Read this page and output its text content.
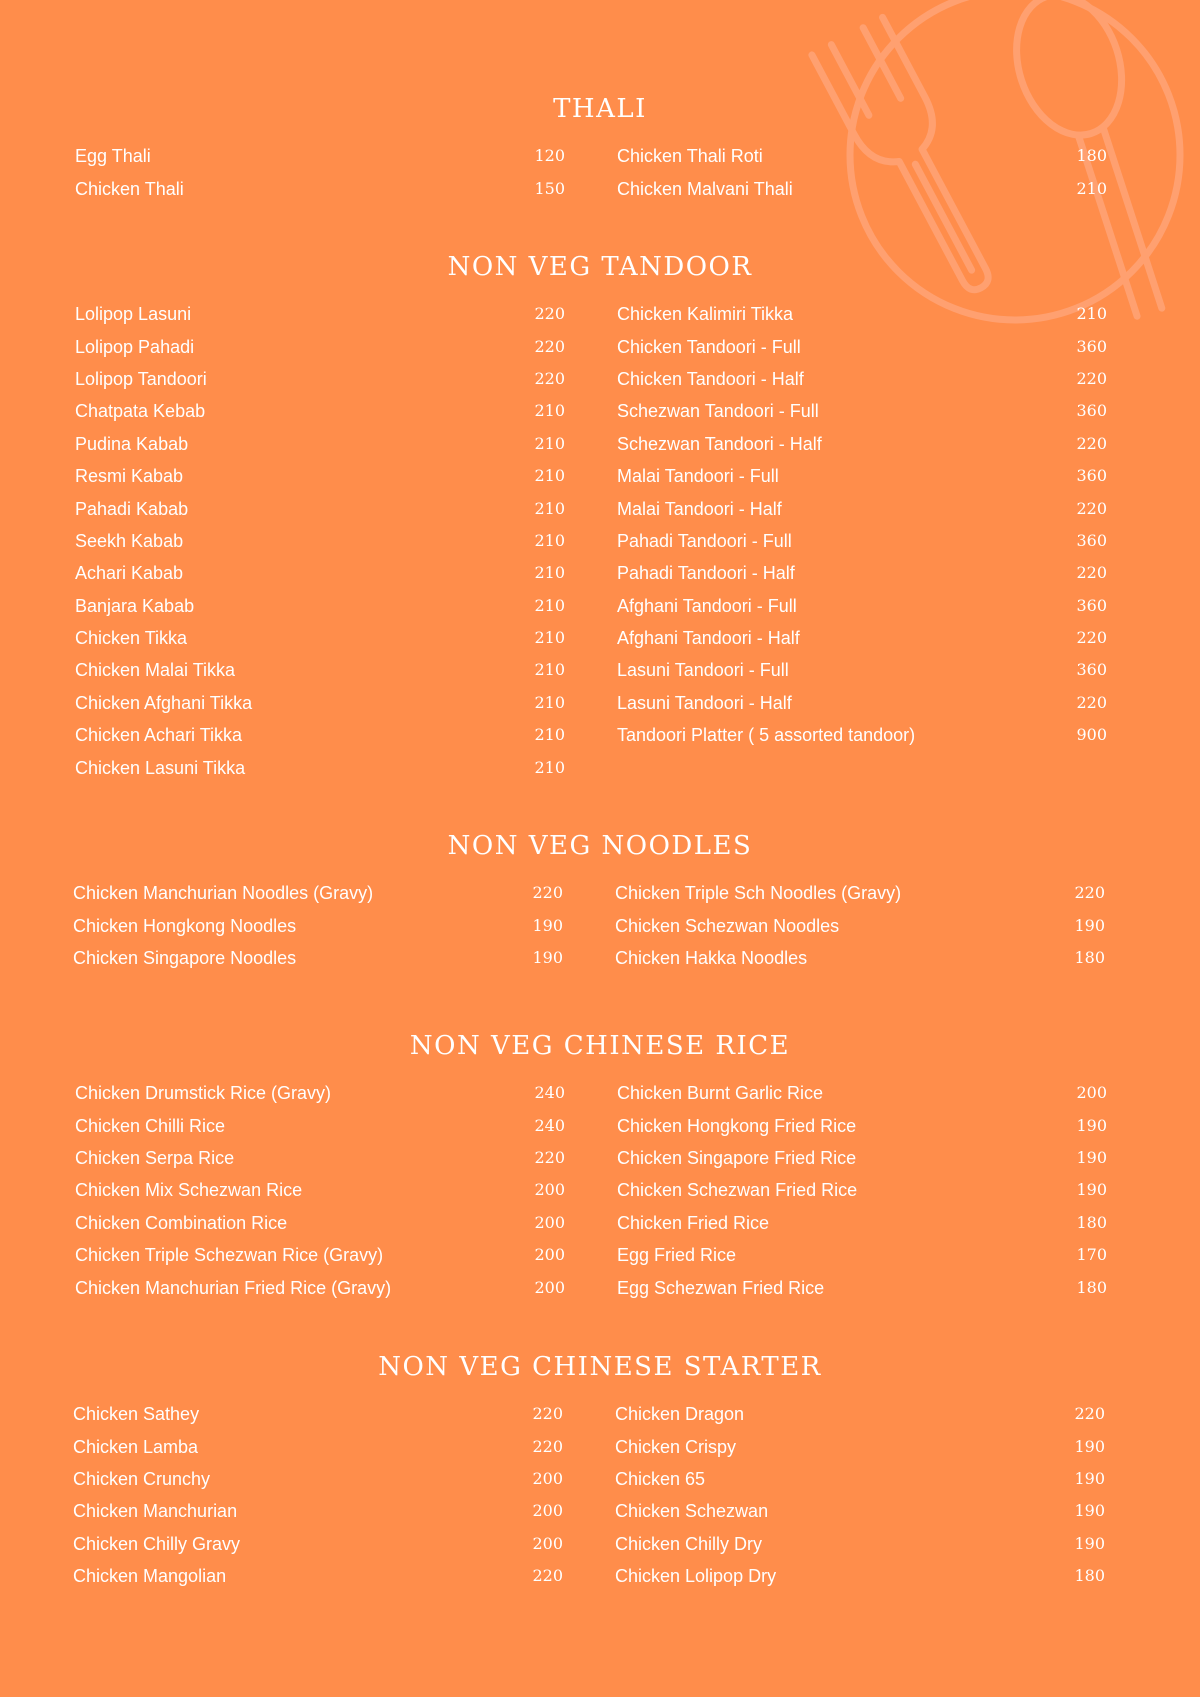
THALI
Egg Thali	120
Chicken Thali	150
Chicken Thali Roti	180
Chicken Malvani Thali	210
NON VEG TANDOOR
Lolipop Lasuni	220
Lolipop Pahadi	220
Lolipop Tandoori	220
Chatpata Kebab	210
Pudina Kabab	210
Resmi Kabab	210
Pahadi Kabab	210
Seekh Kabab	210
Achari Kabab	210
Banjara Kabab	210
Chicken Tikka	210
Chicken Malai Tikka	210
Chicken Afghani Tikka	210
Chicken Achari Tikka	210
Chicken Lasuni Tikka	210
Chicken Kalimiri Tikka	210
Chicken Tandoori - Full	360
Chicken Tandoori - Half	220
Schezwan Tandoori - Full	360
Schezwan Tandoori - Half	220
Malai Tandoori - Full	360
Malai Tandoori - Half	220
Pahadi Tandoori - Full	360
Pahadi Tandoori - Half	220
Afghani Tandoori - Full	360
Afghani Tandoori - Half	220
Lasuni Tandoori - Full	360
Lasuni Tandoori - Half	220
Tandoori Platter ( 5 assorted tandoor)	900
NON VEG NOODLES
Chicken Manchurian Noodles (Gravy)	220
Chicken Hongkong Noodles	190
Chicken Singapore Noodles	190
Chicken Triple Sch Noodles (Gravy)	220
Chicken Schezwan Noodles	190
Chicken Hakka Noodles	180
NON VEG CHINESE RICE
Chicken Drumstick Rice (Gravy)	240
Chicken Chilli Rice	240
Chicken Serpa Rice	220
Chicken Mix Schezwan Rice	200
Chicken Combination Rice	200
Chicken Triple Schezwan Rice (Gravy)	200
Chicken Manchurian Fried Rice (Gravy)	200
Chicken Burnt Garlic Rice	200
Chicken Hongkong Fried Rice	190
Chicken Singapore Fried Rice	190
Chicken Schezwan Fried Rice	190
Chicken Fried Rice	180
Egg Fried Rice	170
Egg Schezwan Fried Rice	180
NON VEG CHINESE STARTER
Chicken Sathey	220
Chicken Lamba	220
Chicken Crunchy	200
Chicken Manchurian	200
Chicken Chilly Gravy	200
Chicken Mangolian	220
Chicken Dragon	220
Chicken Crispy	190
Chicken 65	190
Chicken Schezwan	190
Chicken Chilly Dry	190
Chicken Lolipop Dry	180
